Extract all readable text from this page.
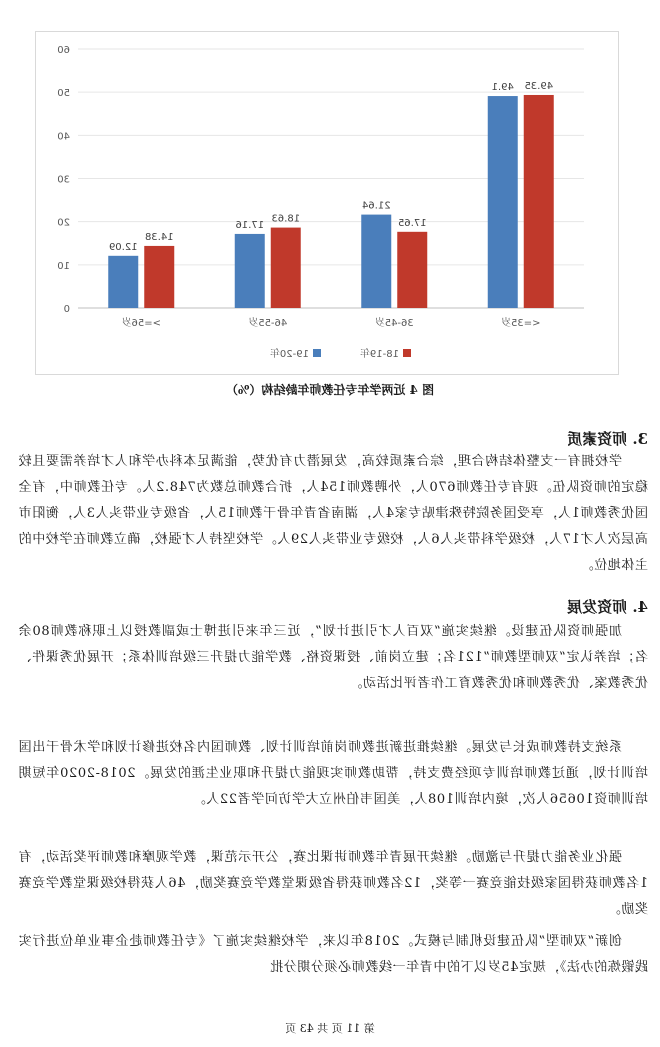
0
10
20
30
40
50
60
49.35
49.1
<=35岁
17.65
21.64
36-45岁
18.63
17.16
46-55岁
14.38
12.09
>=56岁
18-19年
19-20年
图 4 近两学年专任教师年龄结构（%）
3. 师资素质
学校拥有一支整体结构合理，综合素质较高，发展潜力有优势，能满足本科办学和人才培养需要且较稳定的师资队伍。现有专任教师670人，外聘教师154人，折合教师总数为748.2人。专任教师中，有全国优秀教师1人，享受国务院特殊津贴专家4人，湖南省青年骨干教师15人，省级专业带头人3人，衡阳市高层次人才17人，校级学科带头人6人，校级专业带头人29人。学校坚持人才强校，确立教师在学校中的主体地位。
4. 师资发展
加强师资队伍建设。继续实施“双百人才引进计划”，近三年来引进博士或副教授以上职称教师80余名；培养认定“双师型教师”121名；建立岗前、授课资格、教学能力提升三级培训体系；开展优秀课件、优秀教案、优秀教师和优秀教育工作者评比活动。
系统支持教师成长与发展。继续推进新进教师岗前培训计划、教师国内名校进修计划和学术骨干出国培训计划，通过教师培训专项经费支持，帮助教师实现能力提升和职业生涯的发展。2018-2020年短期培训师资10656人次，境内培训108人，美国韦伯州立大学访问学者22人。
强化业务能力提升与激励。继续开展青年教师讲课比赛，公开示范课，教学观摩和教师评奖活动，有1名教师获得国家级技能竞赛一等奖，12名教师获得省级课堂教学竞赛奖励，46人获得校级课堂教学竞赛奖励。
创新“双师型”队伍建设机制与模式。2018年以来，学校继续实施了《专任教师赴企事业单位进行实践锻炼的办法》，规定45岁以下的中青年一线教师必须分期分批
第 11 页 共 43 页
